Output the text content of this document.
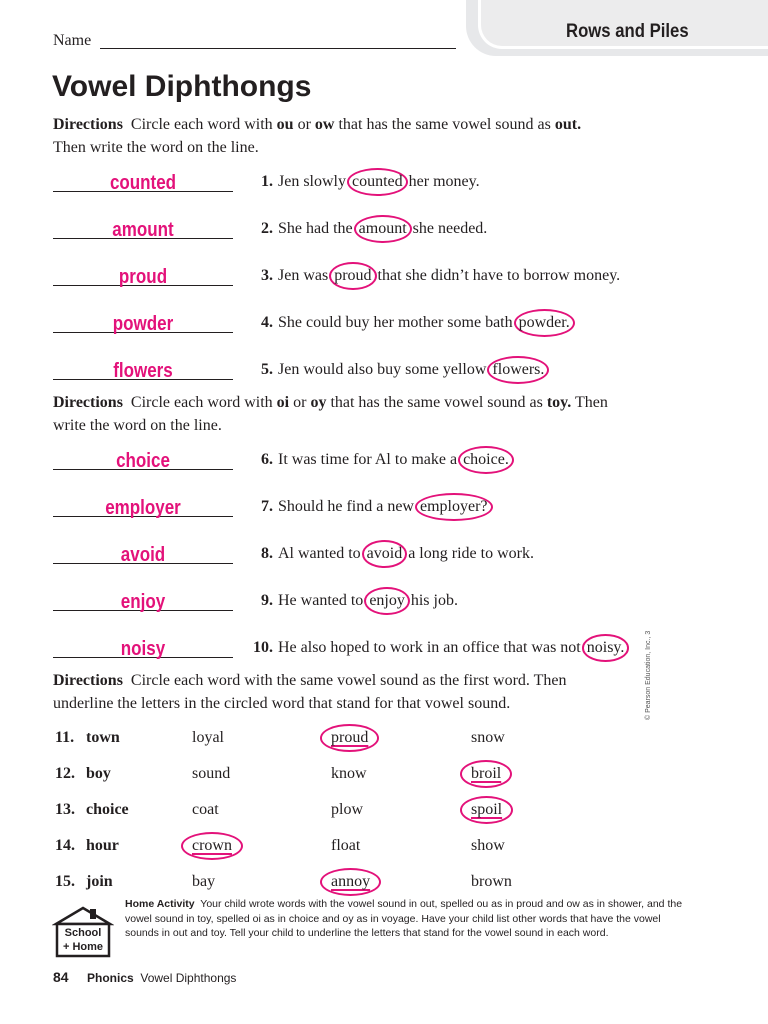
Rows and Piles
Name
Vowel Diphthongs
Directions Circle each word with ou or ow that has the same vowel sound as out.
Then write the word on the line.
counted	1. Jen slowly counted her money.
amount	2. She had the amount she needed.
proud	3. Jen was proud that she didn’t have to borrow money.
powder	4. She could buy her mother some bath powder.
flowers	5. Jen would also buy some yellow flowers.
Directions Circle each word with oi or oy that has the same vowel sound as toy. Then
write the word on the line.
choice	6. It was time for Al to make a choice.
employer	7. Should he find a new employer?
avoid	8. Al wanted to avoid a long ride to work.
enjoy	9. He wanted to enjoy his job.
noisy	10. He also hoped to work in an office that was not noisy.
Directions Circle each word with the same vowel sound as the first word. Then
underline the letters in the circled word that stand for that vowel sound.
11. town	loyal	proud	snow
12. boy	sound	know	broil
13. choice	coat	plow	spoil
14. hour	crown	float	show
15. join	bay	annoy	brown
© Pearson Education, Inc., 3
School
+ Home
Home Activity Your child wrote words with the vowel sound in out, spelled ou as in proud and ow as in shower, and the vowel sound in toy, spelled oi as in choice and oy as in voyage. Have your child list other words that have the vowel sounds in out and toy. Tell your child to underline the letters that stand for the vowel sound in each word.
84 Phonics Vowel Diphthongs
